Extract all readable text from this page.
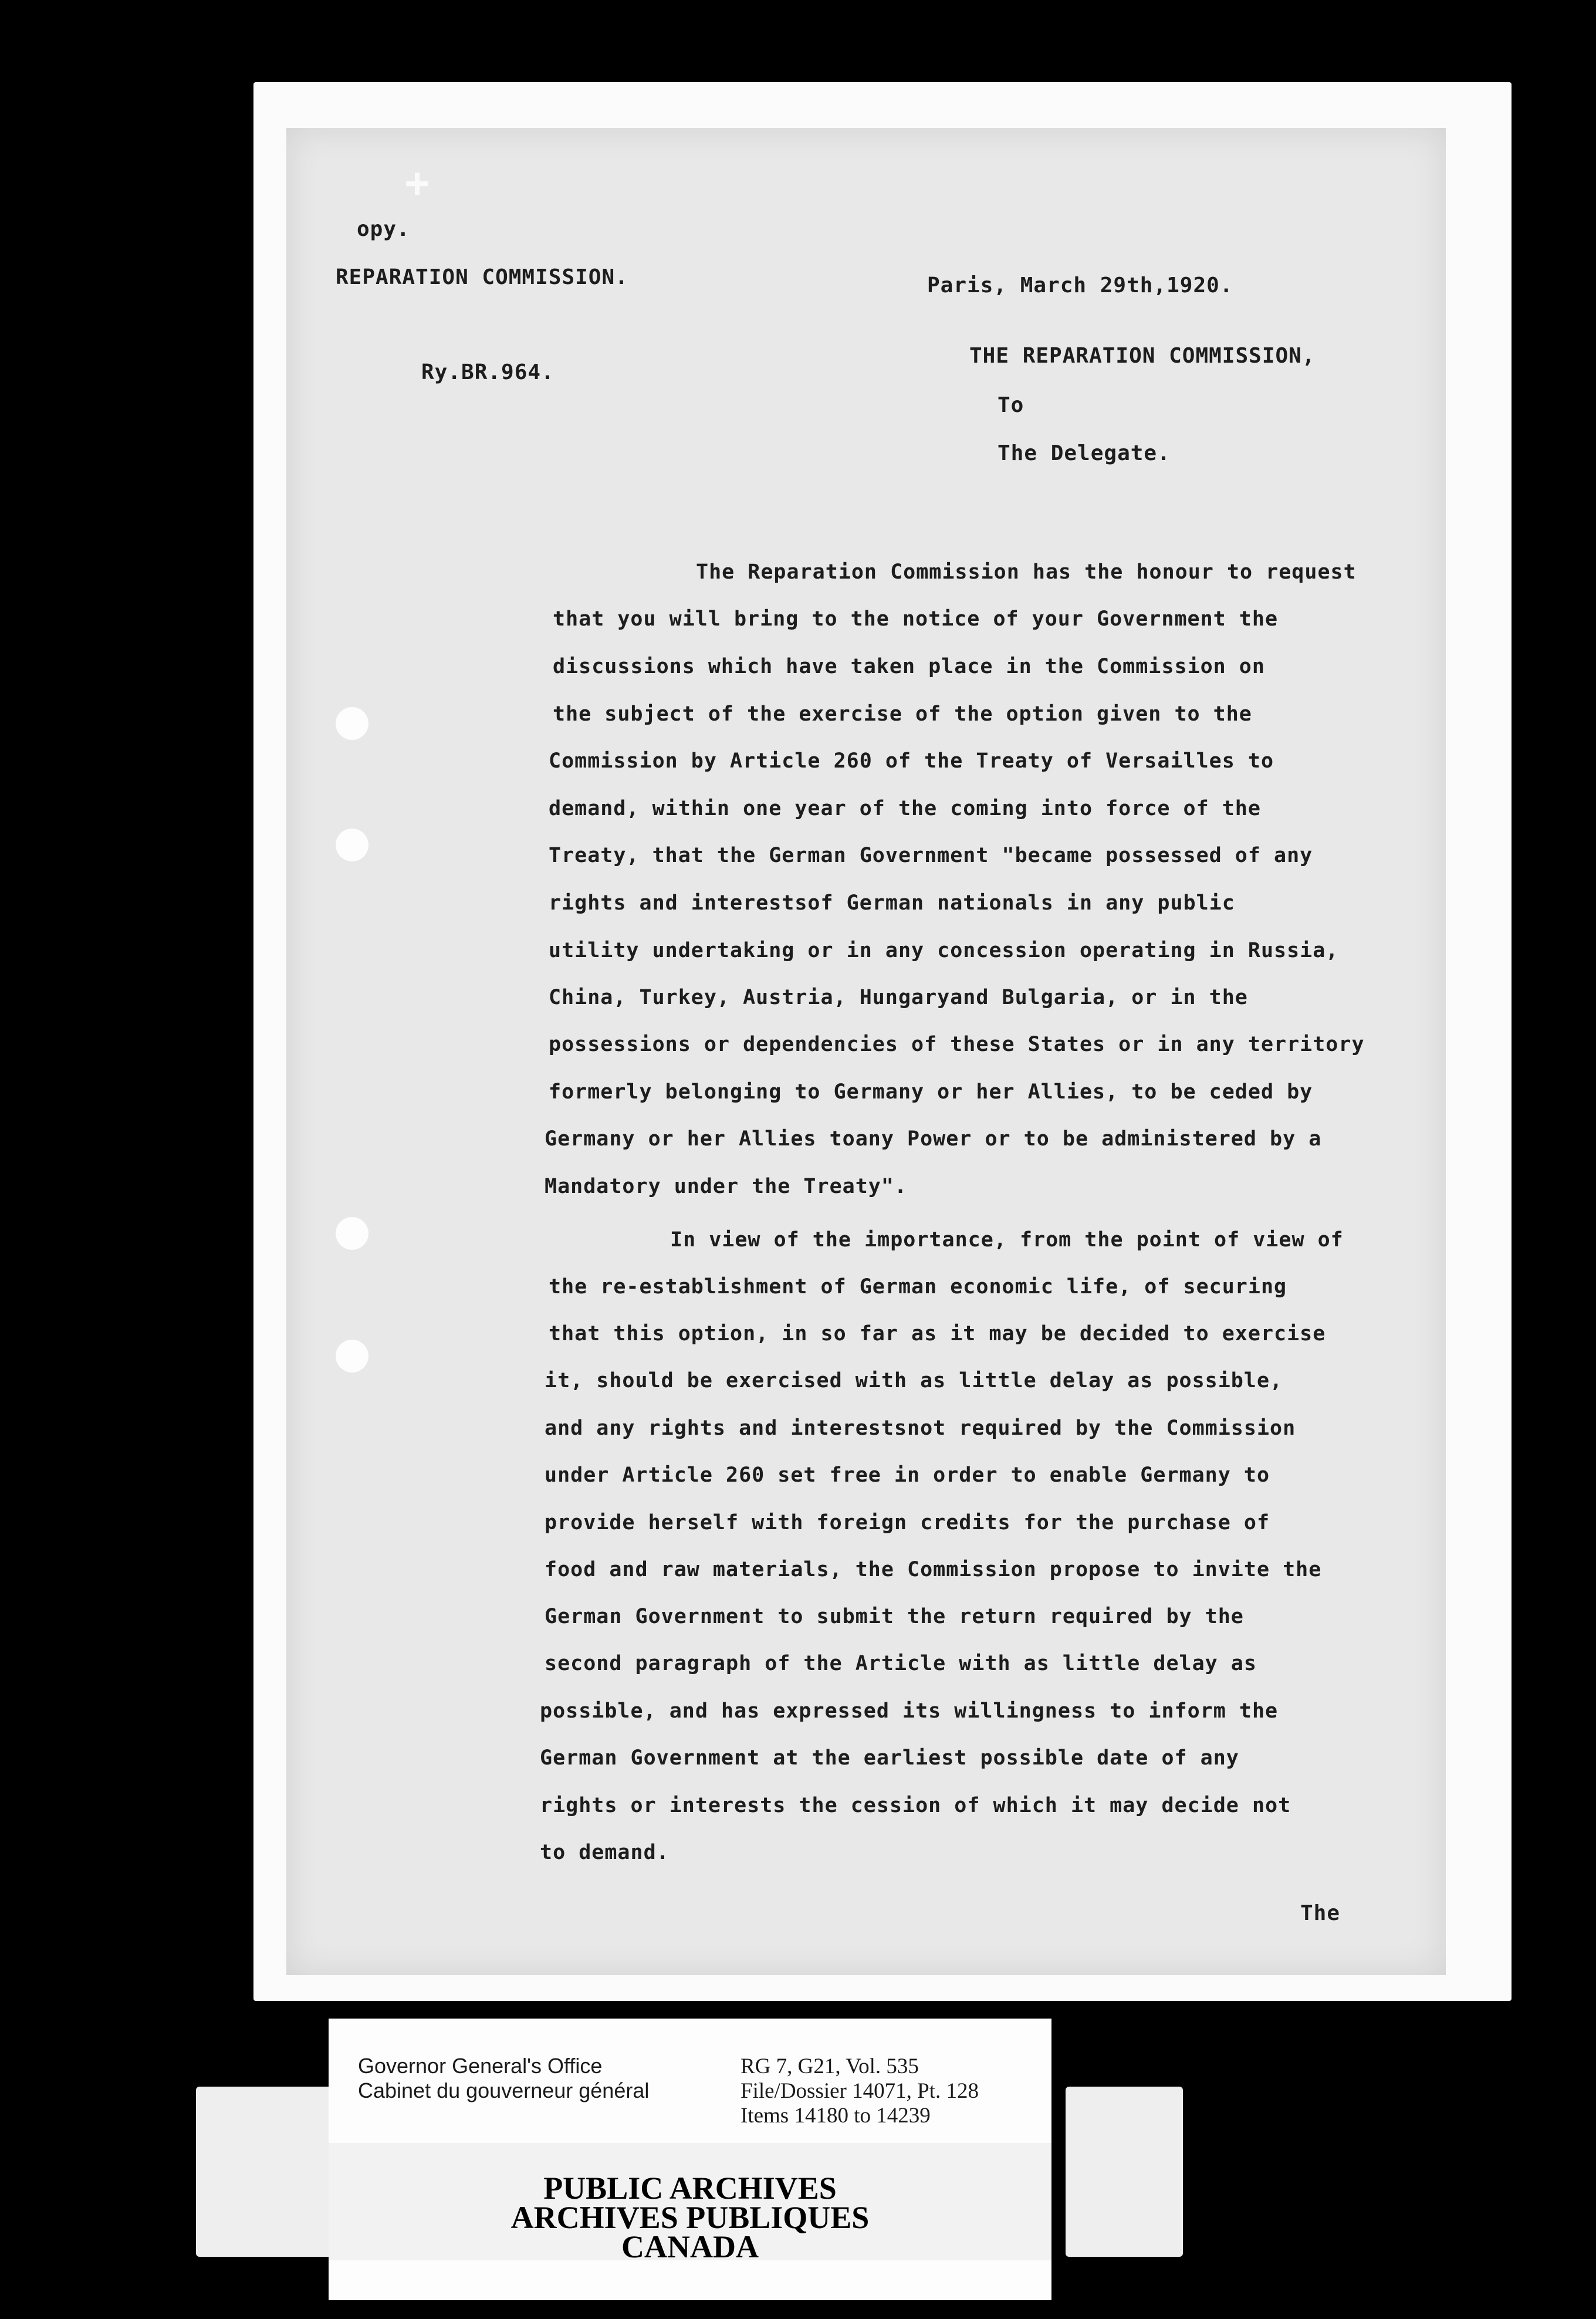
+
opy.
REPARATION COMMISSION.	Paris, March 29th,1920.
Ry.BR.964.
THE REPARATION COMMISSION,
To
The Delegate.
The Reparation Commission has the honour to request
that you will bring to the notice of your Government the
discussions which have taken place in the Commission on
the subject of the exercise of the option given to the
Commission by Article 260 of the Treaty of Versailles to
demand, within one year of the coming into force of the
Treaty, that the German Government "became possessed of any
rights and interestsof German nationals in any public
utility undertaking or in any concession operating in Russia,
China, Turkey, Austria, Hungaryand Bulgaria, or in the
possessions or dependencies of these States or in any territory
formerly belonging to Germany or her Allies, to be ceded by
Germany or her Allies toany Power or to be administered by a
Mandatory under the Treaty".
In view of the importance, from the point of view of
the re-establishment of German economic life, of securing
that this option, in so far as it may be decided to exercise
it, should be exercised with as little delay as possible,
and any rights and interestsnot required by the Commission
under Article 260 set free in order to enable Germany to
provide herself with foreign credits for the purchase of
food and raw materials, the Commission propose to invite the
German Government to submit the return required by the
second paragraph of the Article with as little delay as
possible, and has expressed its willingness to inform the
German Government at the earliest possible date of any
rights or interests the cession of which it may decide not
to demand.
The
Governor General's Office
Cabinet du gouverneur général
RG 7, G21, Vol. 535
File/Dossier 14071, Pt. 128
Items 14180 to 14239
PUBLIC ARCHIVES
ARCHIVES PUBLIQUES
CANADA
